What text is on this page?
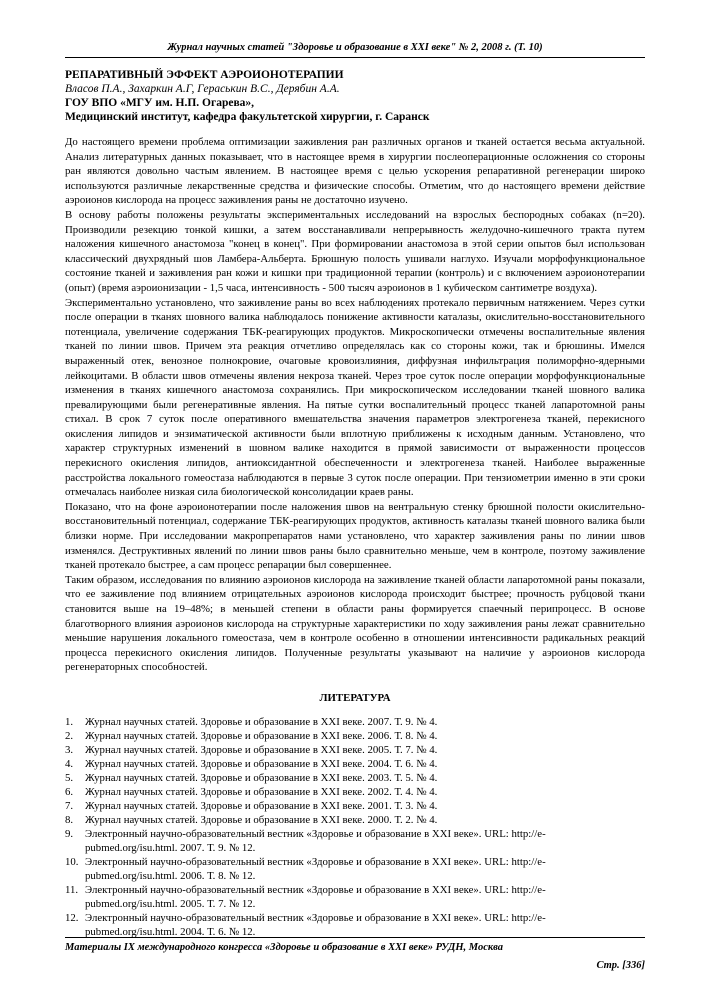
Журнал научных статей "Здоровье и образование в XXI веке" № 2, 2008 г. (Т. 10)

РЕПАРАТИВНЫЙ ЭФФЕКТ АЭРОИОНОТЕРАПИИ

Власов П.А., Захаркин А.Г, Гераськин В.С., Дерябин А.А.

ГОУ ВПО «МГУ им. Н.П. Огарева»,

Медицинский институт, кафедра факультетской хирургии, г. Саранск

До настоящего времени проблема оптимизации заживления ран различных органов и тканей остается весьма актуальной. Анализ литературных данных показывает, что в настоящее время в хирургии послеоперационные осложнения со стороны ран являются довольно частым явлением. В настоящее время с целью ускорения репаративной регенерации широко используются различные лекарственные средства и физические способы. Отметим, что до настоящего времени действие аэроионов кислорода на процесс заживления раны не достаточно изучено.

В основу работы положены результаты экспериментальных исследований на взрослых беспородных собаках (n=20). Производили резекцию тонкой кишки, а затем восстанавливали непрерывность желудочно-кишечного тракта путем наложения кишечного анастомоза "конец в конец". При формировании анастомоза в этой серии опытов был использован классический двухрядный шов Ламбера-Альберта. Брюшную полость ушивали наглухо. Изучали морфофункциональное состояние тканей и заживления ран кожи и кишки при традиционной терапии (контроль) и с включением аэроионотерапии (опыт) (время аэроионизации - 1,5 часа, интенсивность - 500 тысяч аэроионов в 1 кубическом сантиметре воздуха).

Экспериментально установлено, что заживление раны во всех наблюдениях протекало первичным натяжением. Через сутки после операции в тканях шовного валика наблюдалось понижение активности каталазы, окислительно-восстановительного потенциала, увеличение содержания ТБК-реагирующих продуктов. Микроскопически отмечены воспалительные явления тканей по линии швов. Причем эта реакция отчетливо определялась как со стороны кожи, так и брюшины. Имелся выраженный отек, венозное полнокровие, очаговые кровоизлияния, диффузная инфильтрация полиморфно-ядерными лейкоцитами. В области швов отмечены явления некроза тканей. Через трое суток после операции морфофункциональные изменения в тканях кишечного анастомоза сохранялись. При микроскопическом исследовании тканей шовного валика превалирующими были регенеративные явления. На пятые сутки воспалительный процесс тканей лапаротомной раны стихал. В срок 7 суток после оперативного вмешательства значения параметров электрогенеза тканей, перекисного окисления липидов и энзиматической активности были вплотную приближены к исходным данным. Установлено, что характер структурных изменений в шовном валике находится в прямой зависимости от выраженности процессов перекисного окисления липидов, антиоксидантной обеспеченности и электрогенеза тканей. Наиболее выраженные расстройства локального гомеостаза наблюдаются в первые 3 суток после операции. При тензиометрии именно в эти сроки отмечалась наиболее низкая сила биологической консолидации краев раны.

Показано, что на фоне аэроионотерапии после наложения швов на вентральную стенку брюшной полости окислительно-восстановительный потенциал, содержание ТБК-реагирующих продуктов, активность каталазы тканей шовного валика были близки норме. При исследовании макропрепаратов нами установлено, что характер заживления раны по линии швов изменялся. Деструктивных явлений по линии швов раны было сравнительно меньше, чем в контроле, поэтому заживление тканей протекало быстрее, а сам процесс репарации был совершеннее.

Таким образом, исследования по влиянию аэроионов кислорода на заживление тканей области лапаротомной раны показали, что ее заживление под влиянием отрицательных аэроионов кислорода происходит быстрее; прочность рубцовой ткани становится выше на 19–48%; в меньшей степени в области раны формируется спаечный перипроцесс. В основе благотворного влияния аэроионов кислорода на структурные характеристики по ходу заживления раны лежат сравнительно меньшие нарушения локального гомеостаза, чем в контроле особенно в отношении интенсивности радикальных реакций процесса перекисного окисления липидов. Полученные результаты указывают на наличие у аэроионов кислорода регенераторных способностей.

ЛИТЕРАТУРА
1. Журнал научных статей. Здоровье и образование в XXI веке. 2007. Т. 9. № 4.
2. Журнал научных статей. Здоровье и образование в XXI веке. 2006. Т. 8. № 4.
3. Журнал научных статей. Здоровье и образование в XXI веке. 2005. Т. 7. № 4.
4. Журнал научных статей. Здоровье и образование в XXI веке. 2004. Т. 6. № 4.
5. Журнал научных статей. Здоровье и образование в XXI веке. 2003. Т. 5. № 4.
6. Журнал научных статей. Здоровье и образование в XXI веке. 2002. Т. 4. № 4.
7. Журнал научных статей. Здоровье и образование в XXI веке. 2001. Т. 3. № 4.
8. Журнал научных статей. Здоровье и образование в XXI веке. 2000. Т. 2. № 4.
9. Электронный научно-образовательный вестник «Здоровье и образование в XXI веке». URL: http://e-pubmed.org/isu.html. 2007. Т. 9. № 12.
10. Электронный научно-образовательный вестник «Здоровье и образование в XXI веке». URL: http://e-pubmed.org/isu.html. 2006. Т. 8. № 12.
11. Электронный научно-образовательный вестник «Здоровье и образование в XXI веке». URL: http://e-pubmed.org/isu.html. 2005. Т. 7. № 12.
12. Электронный научно-образовательный вестник «Здоровье и образование в XXI веке». URL: http://e-pubmed.org/isu.html. 2004. Т. 6. № 12.
Материалы IX международного конгресса «Здоровье и образование в XXI веке» РУДН, Москва
Стр. [336]
